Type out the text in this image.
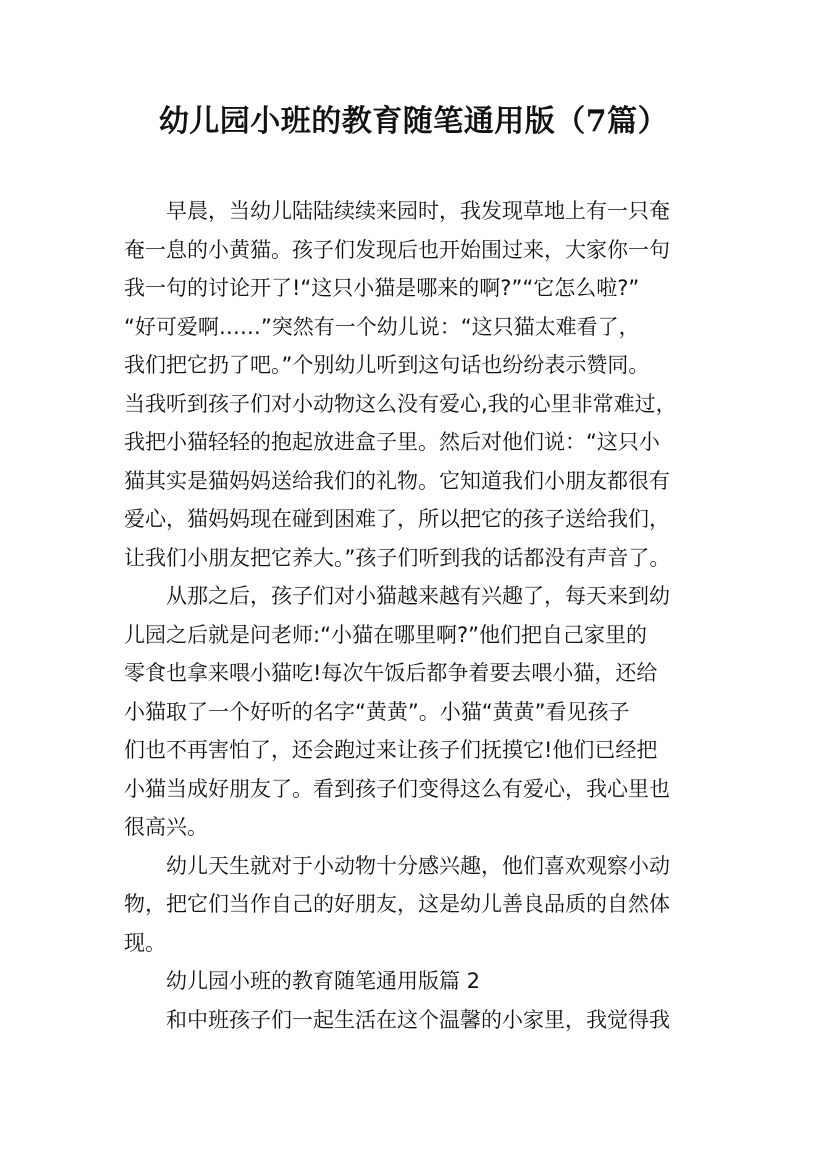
幼儿园小班的教育随笔通用版（7篇）
早晨，当幼儿陆陆续续来园时，我发现草地上有一只奄
奄一息的小黄猫。孩子们发现后也开始围过来，大家你一句
我一句的讨论开了!“这只小猫是哪来的啊?”“它怎么啦?”
“好可爱啊……”突然有一个幼儿说：“这只猫太难看了，
我们把它扔了吧。”个别幼儿听到这句话也纷纷表示赞同。
当我听到孩子们对小动物这么没有爱心,我的心里非常难过，
我把小猫轻轻的抱起放进盒子里。然后对他们说：“这只小
猫其实是猫妈妈送给我们的礼物。它知道我们小朋友都很有
爱心，猫妈妈现在碰到困难了，所以把它的孩子送给我们，
让我们小朋友把它养大。”孩子们听到我的话都没有声音了。
从那之后，孩子们对小猫越来越有兴趣了，每天来到幼
儿园之后就是问老师:“小猫在哪里啊?”他们把自己家里的
零食也拿来喂小猫吃!每次午饭后都争着要去喂小猫，还给
小猫取了一个好听的名字“黄黄”。小猫“黄黄”看见孩子
们也不再害怕了，还会跑过来让孩子们抚摸它!他们已经把
小猫当成好朋友了。看到孩子们变得这么有爱心，我心里也
很高兴。
幼儿天生就对于小动物十分感兴趣，他们喜欢观察小动
物，把它们当作自己的好朋友，这是幼儿善良品质的自然体
现。
幼儿园小班的教育随笔通用版篇 2
和中班孩子们一起生活在这个温馨的小家里，我觉得我
